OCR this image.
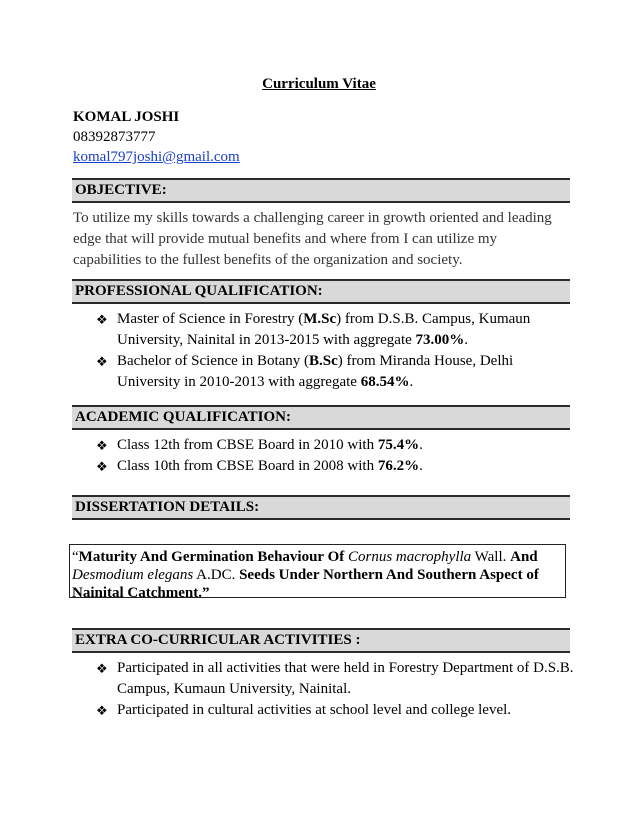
Curriculum Vitae
KOMAL JOSHI
08392873777
komal797joshi@gmail.com
OBJECTIVE:
To utilize my skills towards a challenging career in growth oriented and leading edge that will provide mutual benefits and where from I can utilize my capabilities to the fullest benefits of the organization and society.
PROFESSIONAL QUALIFICATION:
❖ Master of Science in Forestry (M.Sc) from D.S.B. Campus, Kumaun University, Nainital in 2013-2015 with aggregate 73.00%.
❖ Bachelor of Science in Botany (B.Sc) from Miranda House, Delhi University in 2010-2013 with aggregate 68.54%.
ACADEMIC QUALIFICATION:
❖ Class 12th from CBSE Board in 2010 with 75.4%.
❖ Class 10th from CBSE Board in 2008 with 76.2%.
DISSERTATION DETAILS:
“Maturity And Germination Behaviour Of Cornus macrophylla Wall. And Desmodium elegans A.DC. Seeds Under Northern And Southern Aspect of Nainital Catchment.”
EXTRA CO-CURRICULAR ACTIVITIES :
❖ Participated in all activities that were held in Forestry Department of D.S.B. Campus, Kumaun University, Nainital.
❖ Participated in cultural activities at school level and college level.
